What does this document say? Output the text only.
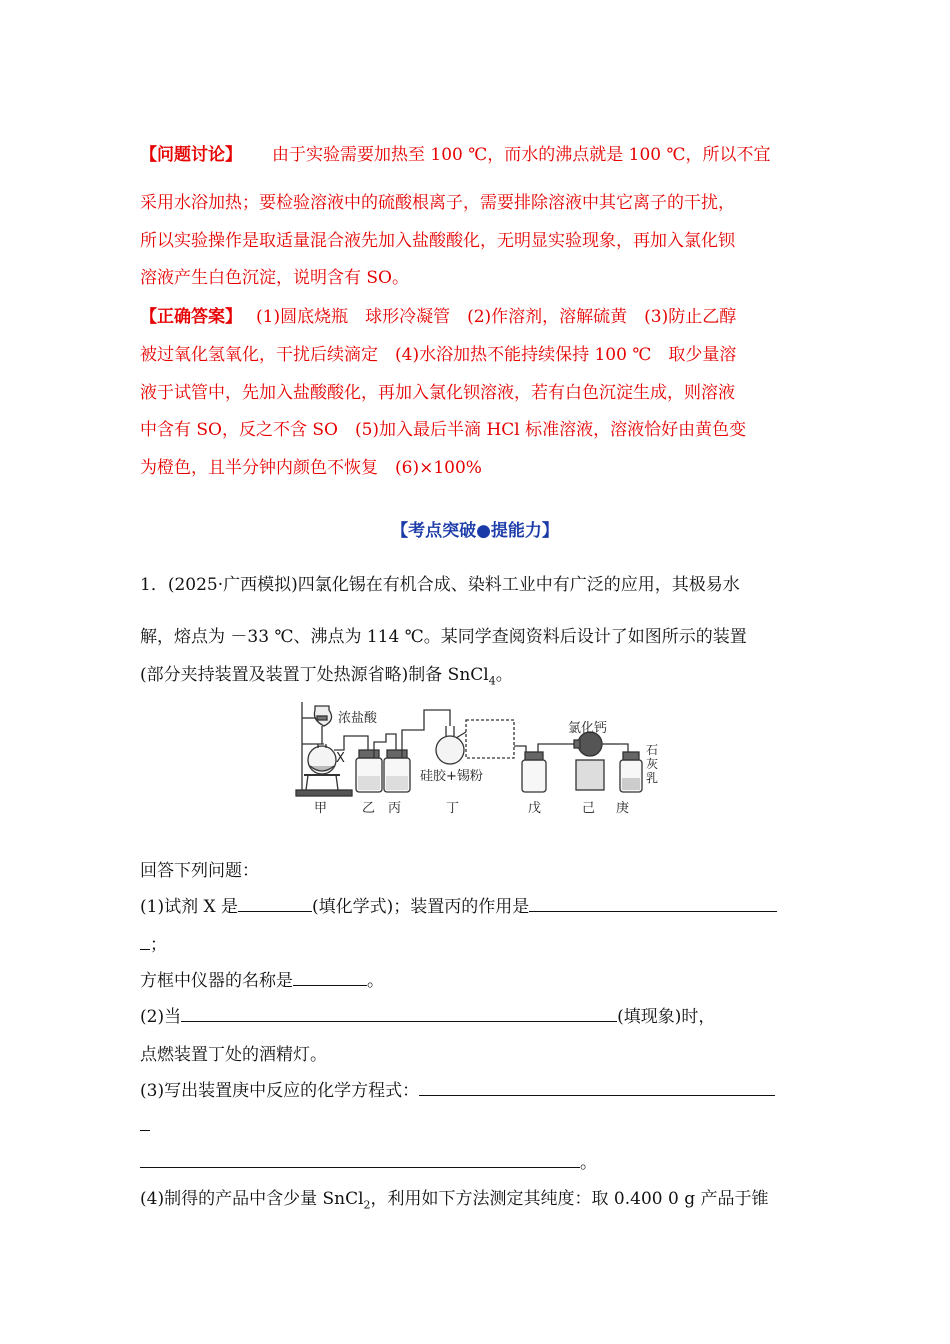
【问题讨论】 由于实验需要加热至 100 ℃，而水的沸点就是 100 ℃，所以不宜
采用水浴加热；要检验溶液中的硫酸根离子，需要排除溶液中其它离子的干扰，
所以实验操作是取适量混合液先加入盐酸酸化，无明显实验现象，再加入氯化钡
溶液产生白色沉淀，说明含有 SO。
【正确答案】 (1)圆底烧瓶　球形冷凝管　(2)作溶剂，溶解硫黄　(3)防止乙醇
被过氧化氢氧化，干扰后续滴定　(4)水浴加热不能持续保持 100 ℃　取少量溶
液于试管中，先加入盐酸酸化，再加入氯化钡溶液，若有白色沉淀生成，则溶液
中含有 SO，反之不含 SO　(5)加入最后半滴 HCl 标准溶液，溶液恰好由黄色变
为橙色，且半分钟内颜色不恢复　(6)×100%
【考点突破●提能力】
1．(2025·广西模拟)四氯化锡在有机合成、染料工业中有广泛的应用，其极易水
解，熔点为 －33 ℃、沸点为 114 ℃。某同学查阅资料后设计了如图所示的装置
(部分夹持装置及装置丁处热源省略)制备 SnCl$_4$。
浓盐酸
X
氯化钙
硅胶+锡粉
石
灰
乳
甲	乙 丙	丁	戊	己 庚
回答下列问题：
(1)试剂 X 是	(填化学式)；装置丙的作用是
；
方框中仪器的名称是	。
(2)当	(填现象)时，
点燃装置丁处的酒精灯。
(3)写出装置庚中反应的化学方程式：
。
(4)制得的产品中含少量 SnCl$_2$，利用如下方法测定其纯度：取 0.400 0 g 产品于锥
